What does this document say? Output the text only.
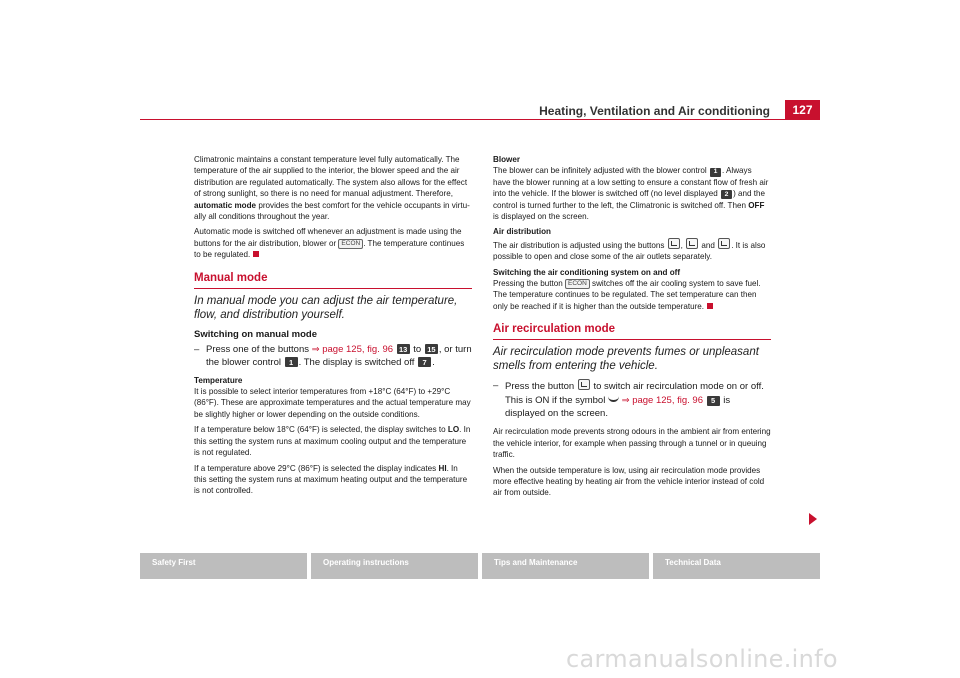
Heating, Ventilation and Air conditioning	127

Climatronic maintains a constant temperature level fully automatically. The temperature of the air supplied to the interior, the blower speed and the air distribution are regulated automatically. The system also allows for the effect of strong sunlight, so there is no need for manual adjustment. Therefore, automatic mode provides the best comfort for the vehicle occupants in virtu-ally all conditions throughout the year.

Automatic mode is switched off whenever an adjustment is made using the buttons for the air distribution, blower or ECON . The temperature continues to be regulated.

Manual mode
In manual mode you can adjust the air temperature, flow, and distribution yourself.
Switching on manual mode
– Press one of the buttons ⇒ page 125, fig. 96 13 to 15 , or turn the blower control 1 . The display is switched off 7 .

Temperature

It is possible to select interior temperatures from +18°C (64°F) to +29°C (86°F). These are approximate temperatures and the actual temperature may be slightly higher or lower depending on the outside conditions.

If a temperature below 18°C (64°F) is selected, the display switches to LO. In this setting the system runs at maximum cooling output and the temperature is not regulated.

If a temperature above 29°C (86°F) is selected the display indicates HI. In this setting the system runs at maximum heating output and the temperature is not controlled.

Blower

The blower can be infinitely adjusted with the blower control 1 . Always have the blower running at a low setting to ensure a constant flow of fresh air into the vehicle. If the blower is switched off (no level displayed 2 ) and the control is turned further to the left, the Climatronic is switched off. Then OFF is displayed on the screen.

Air distribution

The air distribution is adjusted using the buttons , and . It is also possible to open and close some of the air outlets separately.

Switching the air conditioning system on and off

Pressing the button ECON switches off the air cooling system to save fuel. The temperature continues to be regulated. The set temperature can then only be reached if it is higher than the outside temperature.

Air recirculation mode
Air recirculation mode prevents fumes or unpleasant smells from entering the vehicle.
– Press the button to switch air recirculation mode on or off. This is ON if the symbol ⇒ page 125, fig. 96 5 is displayed on the screen.

Air recirculation mode prevents strong odours in the ambient air from entering the vehicle interior, for example when passing through a tunnel or in queuing traffic.

When the outside temperature is low, using air recirculation mode provides more effective heating by heating air from the vehicle interior instead of cold air from outside.

Safety First	Operating instructions	Tips and Maintenance	Technical Data
carmanualsonline.info
